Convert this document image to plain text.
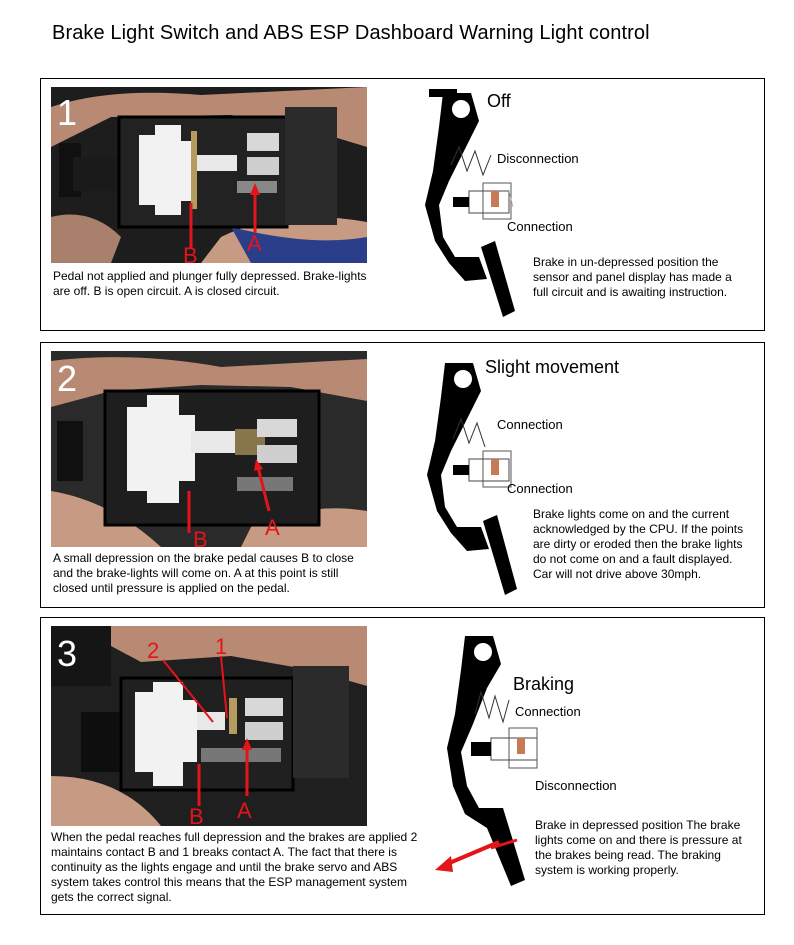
Brake Light Switch and ABS ESP Dashboard Warning Light control
1
B A
Pedal not applied and plunger fully depressed. Brake-lights are off. B is open circuit. A is closed circuit.
Off
Disconnection
Connection
Brake in un-depressed position the sensor and panel display has made a full circuit and is awaiting instruction.
2
B	A
A small depression on the brake pedal causes B to close and the brake-lights will come on. A at this point is still closed until pressure is applied on the pedal.
Slight movement
Connection
Connection
Brake lights come on and the current acknowledged by the CPU. If the points are dirty or eroded then the brake lights do not come on and a fault displayed. Car will not drive above 30mph.
3	2	1
B A
When the pedal reaches full depression and the brakes are applied 2 maintains contact B and 1 breaks contact A. The fact that there is continuity as the lights engage and until the brake servo and ABS system takes control this means that the ESP management system gets the correct signal.
Braking
Connection
Disconnection
Brake in depressed position The brake lights come on and there is pressure at the brakes being read. The braking system is working properly.
